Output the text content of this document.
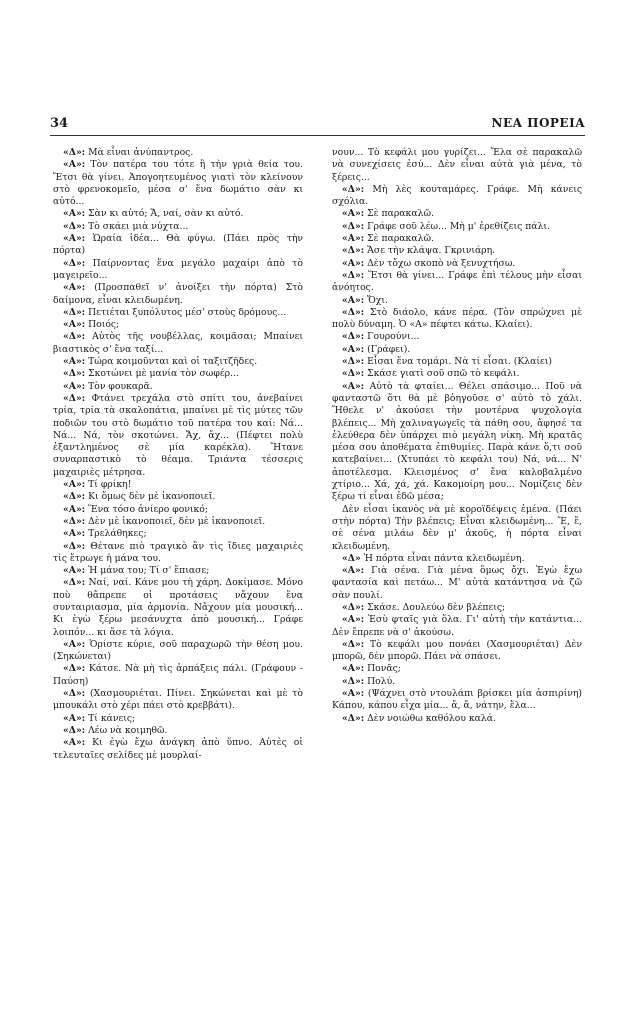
34	ΝΕΑ ΠΟΡΕΙΑ

«Δ»: Μὰ εἶναι ἀνύπαντρος.

«Α»: Τὸν πατέρα του τότε ἢ τὴν γριὰ θεία του. Ἔτσι θὰ γίνει. Ἀπογοητευμένος γιατὶ τὸν κλείνουν στὸ φρενοκομεῖο, μέσα σ' ἕνα δωμάτιο σὰν κι αὐτό...

«Α»: Σὰν κι αὐτό; Ἄ, ναί, σὰν κι αὐτό.

«Δ»: Τὸ σκάει μιὰ νύχτα...

«Α»: Ὡραία ἰδέα... Θὰ φύγω. (Πάει πρὸς τὴν πόρτα)

«Δ»: Παίρνοντας ἕνα μεγάλο μαχαίρι ἀπὸ τὸ μαγειρεῖο...

«Α»: (Προσπαθεῖ ν' ἀνοίξει τὴν πόρτα) Στὸ δαίμονα, εἶναι κλειδωμένη.

«Δ»: Πετιέται ξυπόλυτος μέσ' στοὺς δρόμους...

«Α»: Ποιός;

«Δ»: Αὐτὸς τῆς νουβέλλας, κοιμᾶσαι; Μπαίνει βιαστικὸς σ' ἕνα ταξί...

«Α»: Τώρα κοιμοῦνται καὶ οἱ ταξιτζῆδες.

«Δ»: Σκοτώνει μὲ μανία τὸν σωφέρ...

«Α»: Τὸν φουκαρᾶ.

«Δ»: Φτάνει τρεχάλα στὸ σπίτι του, ἀνεβαίνει τρία, τρία τὰ σκαλοπάτια, μπαίνει μὲ τὶς μύτες τῶν ποδιῶν του στὸ δωμάτιο τοῦ πατέρα του καί: Νά... Νά... Νά, τὸν σκοτώνει. Ἄχ, ἄχ... (Πέφτει πολὺ ἐξαντλημένος σὲ μία καρέκλα). Ἤτανε συναρπαστικὸ τὸ θέαμα. Τριάντα τέσσερις μαχαιριὲς μέτρησα.

«Α»: Τί φρίκη!

«Δ»: Κι ὅμως δὲν μὲ ἱκανοποιεῖ.

«Α»: Ἕνα τόσο ἀνίερο φονικό;

«Δ»: Δὲν μὲ ἱκανοποιεῖ, δὲν μὲ ἱκανοποιεῖ.

«Α»: Τρελάθηκες;

«Δ»: Θέτανε πιὸ τραγικὸ ἂν τὶς ἴδιες μαχαιριὲς τὶς ἔτρωγε ἡ μάνα του.

«Α»: Ἡ μάνα του; Τί σ' ἔπιασε;

«Δ»: Ναί, ναί. Κάνε μου τὴ χάρη. Δοκίμασε. Μόνο ποὺ θἄπρεπε οἱ προτάσεις νἄχουν ἕνα συνταιριασμα, μία ἁρμονία. Νἄχουν μία μουσική... Κι ἐγὼ ξέρω μεσάνυχτα ἀπὸ μουσική... Γράφε λοιπόν... κι ἄσε τὰ λόγια.

«Α»: Ὁρίστε κύριε, σοῦ παραχωρῶ τὴν θέση μου. (Σηκώνεται)

«Δ»: Κάτσε. Νὰ μὴ τὶς ἀρπάξεις πάλι. (Γράφουν - Παύση)

«Δ»: (Χασμουριέται. Πίνει. Σηκώνεται καὶ μὲ τὸ μπουκάλι στὸ χέρι πάει στὸ κρεββάτι).

«Α»: Τί κάνεις;

«Δ»: Λέω νὰ κοιμηθῶ.

«Α»: Κι ἐγὼ ἔχω ἀνάγκη ἀπὸ ὕπνο. Αὐτὲς οἱ τελευταῖες σελίδες μὲ μουρλαί-

νουν... Τὸ κεφάλι μου γυρίζει... Ἔλα σὲ παρακαλῶ νὰ συνεχίσεις ἐσύ... Δὲν εἶναι αὐτὰ γιὰ μένα, τὸ ξέρεις...

«Δ»: Μὴ λὲς κουταμάρες. Γράφε. Μὴ κάνεις σχόλια.

«Α»: Σὲ παρακαλῶ.

«Δ»: Γράφε σοῦ λέω... Μὴ μ' ἐρεθίζεις πάλι.

«Α»: Σὲ παρακαλῶ.

«Δ»: Ἄσε τὴν κλάψα. Γκρινιάρη.

«Α»: Δὲν τὄχω σκοπὸ νὰ ξενυχτήσω.

«Δ»: Ἔτσι θὰ γίνει... Γράφε ἐπὶ τέλους μὴν εἶσαι ἀνόητος.

«Α»: Ὄχι.

«Δ»: Στὸ διάολο, κάνε πέρα. (Τὸν σπρώχνει μὲ πολὺ δύναμη. Ὁ «Α» πέφτει κάτω. Κλαίει).

«Δ»: Γουρούνι...

«Α»: (Γράφει).

«Δ»: Εἶσαι ἕνα τομάρι. Νὰ τί εἶσαι. (Κλαίει)

«Δ»: Σκάσε γιατὶ σοῦ σπῶ τὸ κεφάλι.

«Α»: Αὐτὸ τὰ φταίει... Θέλει σπάσιμο... Ποῦ νὰ φανταστῶ ὅτι θὰ μὲ βὁηγοῦσε σ' αὐτὸ τὸ χάλι. Ἤθελε ν' ἀκούσει τὴν μοντέρνα ψυχολογία βλέπεις... Μὴ χαλιναγωγεῖς τὰ πάθη σου, ἄφησέ τα ἐλεύθερα δὲν ὑπάρχει πιὸ μεγάλη νίκη. Μὴ κρατᾶς μέσα σου ἀποθέματα ἐπιθυμίες. Παρὰ κάνε ὅ,τι σοῦ κατεβαίνει... (Χτυπάει τὸ κεφάλι του) Νά, νά... Ν' ἀποτέλεσμα. Κλεισμένος σ' ἕνα καλοβαλμένο χτίριο... Χά, χά, χά. Κακομοίρη μου... Νομίζεις δὲν ξέρω τί εἶναι ἐδῶ μέσα;

Δὲν εἶσαι ἱκανὸς νὰ μὲ κοροϊδέψεις ἐμένα. (Πάει στὴν πόρτα) Τὴν βλέπεις; Εἶναι κλειδωμένη... Ἔ, ἔ, σὲ σένα μιλάω δὲν μ' ἀκοῦς, ἡ πόρτα εἶναι κλειδωμένη.

«Δ» Ἡ πόρτα εἶναι πάντα κλειδωμένη.

«Α»: Γιὰ σένα. Γιὰ μένα ὅμως ὄχι. Ἐγὼ ἔχω φαντασία καὶ πετάω... Μ' αὐτὰ κατάντησα νὰ ζῶ σὰν πουλί.

«Δ»: Σκάσε. Δουλεύω δὲν βλέπεις;

«Α»: Ἐσὺ φταῖς γιὰ ὅλα. Γι' αὐτὴ τὴν κατάντια... Δὲν ἔπρεπε νὰ σ' ἀκούσω.

«Δ»: Τὸ κεφάλι μου πονάει (Χασμουριέται) Δὲν μπορῶ, δὲν μπορῶ. Πάει νὰ σπάσει.

«Α»: Πονᾶς;

«Δ»: Πολύ.

«Α»: (Ψάχνει στὸ ντουλάπι βρίσκει μία ἀσπιρίνη) Κάπου, κάπου εἶχα μία... ἄ, ἄ, νάτην, ἔλα...

«Δ»: Δὲν νοιώθω καθόλου καλά.
